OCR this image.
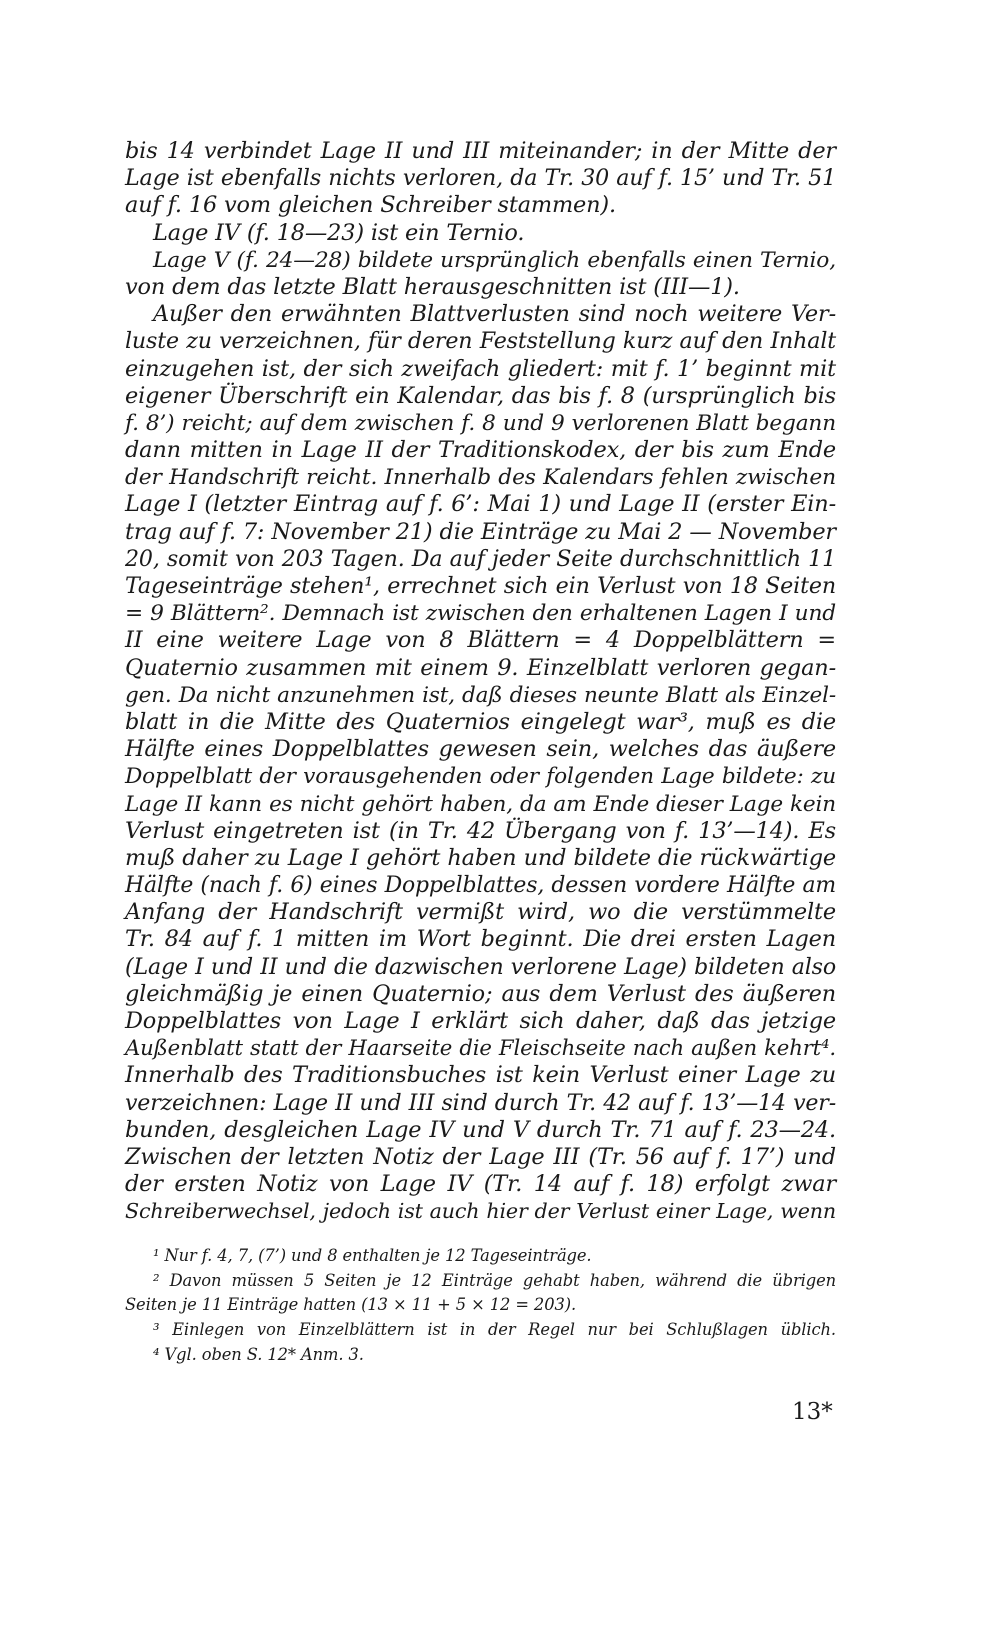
bis 14 verbindet Lage II und III miteinander; in der Mitte der
Lage ist ebenfalls nichts verloren, da Tr. 30 auf f. 15’ und Tr. 51
auf f. 16 vom gleichen Schreiber stammen).
Lage IV (f. 18—23) ist ein Ternio.
Lage V (f. 24—28) bildete ursprünglich ebenfalls einen Ternio,
von dem das letzte Blatt herausgeschnitten ist (III—1).
Außer den erwähnten Blattverlusten sind noch weitere Ver-
luste zu verzeichnen, für deren Feststellung kurz auf den Inhalt
einzugehen ist, der sich zweifach gliedert: mit f. 1’ beginnt mit
eigener Überschrift ein Kalendar, das bis f. 8 (ursprünglich bis
f. 8’) reicht; auf dem zwischen f. 8 und 9 verlorenen Blatt begann
dann mitten in Lage II der Traditionskodex, der bis zum Ende
der Handschrift reicht. Innerhalb des Kalendars fehlen zwischen
Lage I (letzter Eintrag auf f. 6’: Mai 1) und Lage II (erster Ein-
trag auf f. 7: November 21) die Einträge zu Mai 2 — November
20, somit von 203 Tagen. Da auf jeder Seite durchschnittlich 11
Tageseinträge stehen¹, errechnet sich ein Verlust von 18 Seiten
= 9 Blättern². Demnach ist zwischen den erhaltenen Lagen I und
II eine weitere Lage von 8 Blättern = 4 Doppelblättern =
Quaternio zusammen mit einem 9. Einzelblatt verloren gegan-
gen. Da nicht anzunehmen ist, daß dieses neunte Blatt als Einzel-
blatt in die Mitte des Quaternios eingelegt war³, muß es die
Hälfte eines Doppelblattes gewesen sein, welches das äußere
Doppelblatt der vorausgehenden oder folgenden Lage bildete: zu
Lage II kann es nicht gehört haben, da am Ende dieser Lage kein
Verlust eingetreten ist (in Tr. 42 Übergang von f. 13’—14). Es
muß daher zu Lage I gehört haben und bildete die rückwärtige
Hälfte (nach f. 6) eines Doppelblattes, dessen vordere Hälfte am
Anfang der Handschrift vermißt wird, wo die verstümmelte
Tr. 84 auf f. 1 mitten im Wort beginnt. Die drei ersten Lagen
(Lage I und II und die dazwischen verlorene Lage) bildeten also
gleichmäßig je einen Quaternio; aus dem Verlust des äußeren
Doppelblattes von Lage I erklärt sich daher, daß das jetzige
Außenblatt statt der Haarseite die Fleischseite nach außen kehrt⁴.
Innerhalb des Traditionsbuches ist kein Verlust einer Lage zu
verzeichnen: Lage II und III sind durch Tr. 42 auf f. 13’—14 ver-
bunden, desgleichen Lage IV und V durch Tr. 71 auf f. 23—24.
Zwischen der letzten Notiz der Lage III (Tr. 56 auf f. 17’) und
der ersten Notiz von Lage IV (Tr. 14 auf f. 18) erfolgt zwar
Schreiberwechsel, jedoch ist auch hier der Verlust einer Lage, wenn
¹ Nur f. 4, 7, (7’) und 8 enthalten je 12 Tageseinträge.
² Davon müssen 5 Seiten je 12 Einträge gehabt haben, während die übrigen
Seiten je 11 Einträge hatten (13 × 11 + 5 × 12 = 203).
³ Einlegen von Einzelblättern ist in der Regel nur bei Schlußlagen üblich.
⁴ Vgl. oben S. 12* Anm. 3.
13*
